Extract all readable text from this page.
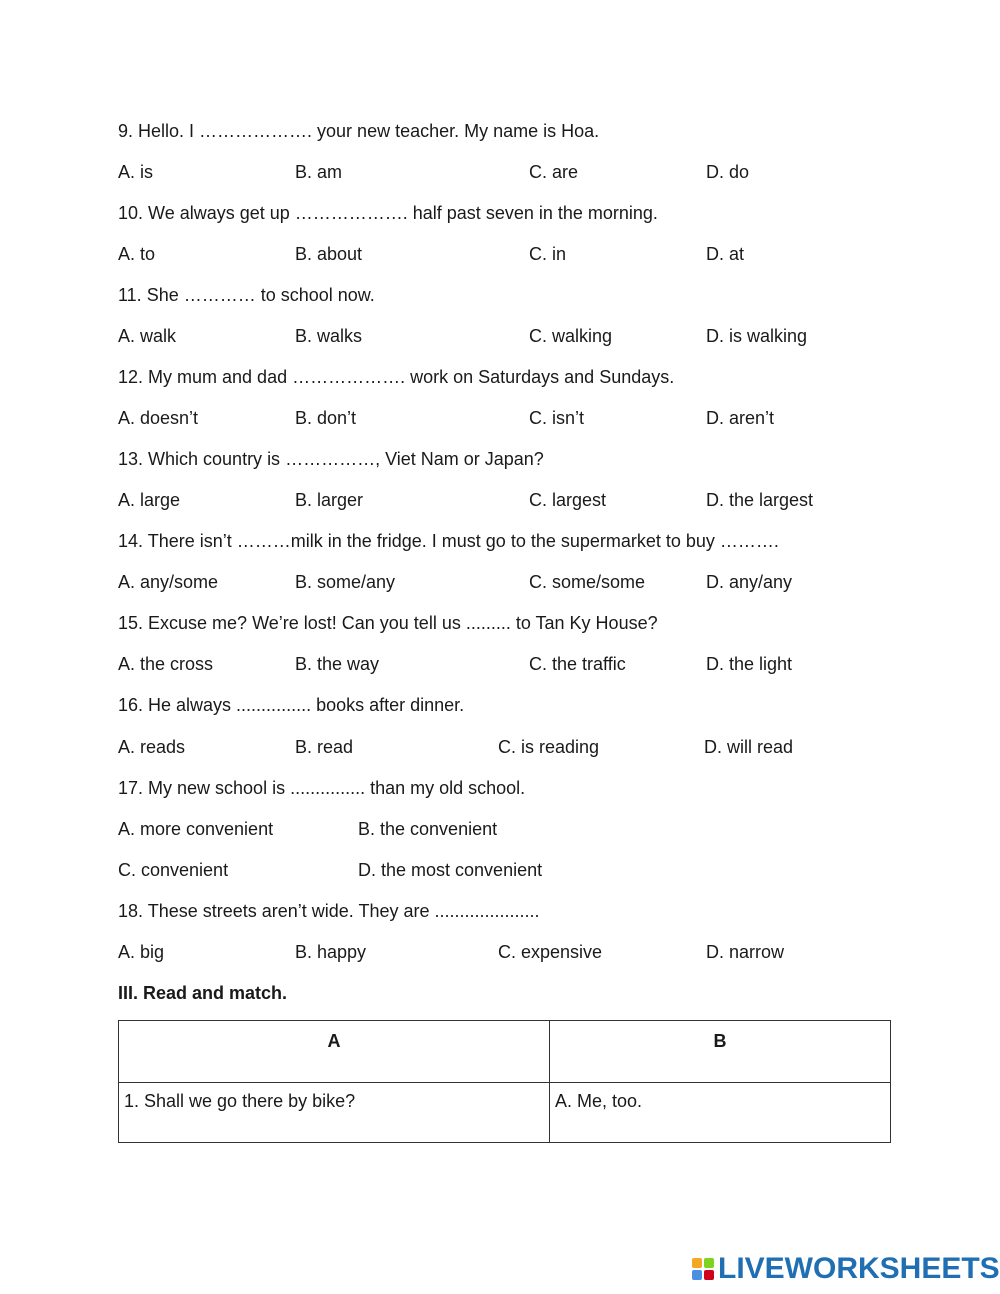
9. Hello. I ………………. your new teacher. My name is Hoa.
A. is	B. am	C. are	D. do
10. We always get up ………………. half past seven in the morning.
A. to	B. about	C. in	D. at
11. She ………… to school now.
A. walk	B. walks	C. walking	D. is walking
12. My mum and dad ………………. work on Saturdays and Sundays.
A. doesn’t	B. don’t	C. isn’t	D. aren’t
13. Which country is ……………, Viet Nam or Japan?
A. large	B. larger	C. largest	D. the largest
14. There isn’t ………milk in the fridge. I must go to the supermarket to buy ……….
A. any/some	B. some/any	C. some/some	D. any/any
15. Excuse me? We’re lost! Can you tell us ......... to Tan Ky House?
A. the cross	B. the way	C. the traffic	D. the light
16. He always ............... books after dinner.
A. reads	B. read	C. is reading	D. will read
17. My new school is ............... than my old school.
A. more convenient	B. the convenient
C. convenient	D. the most convenient
18. These streets aren’t wide. They are .....................
A. big	B. happy	C. expensive	D. narrow
III. Read and match.
A	B
1. Shall we go there by bike?	A. Me, too.
LIVEWORKSHEETS
